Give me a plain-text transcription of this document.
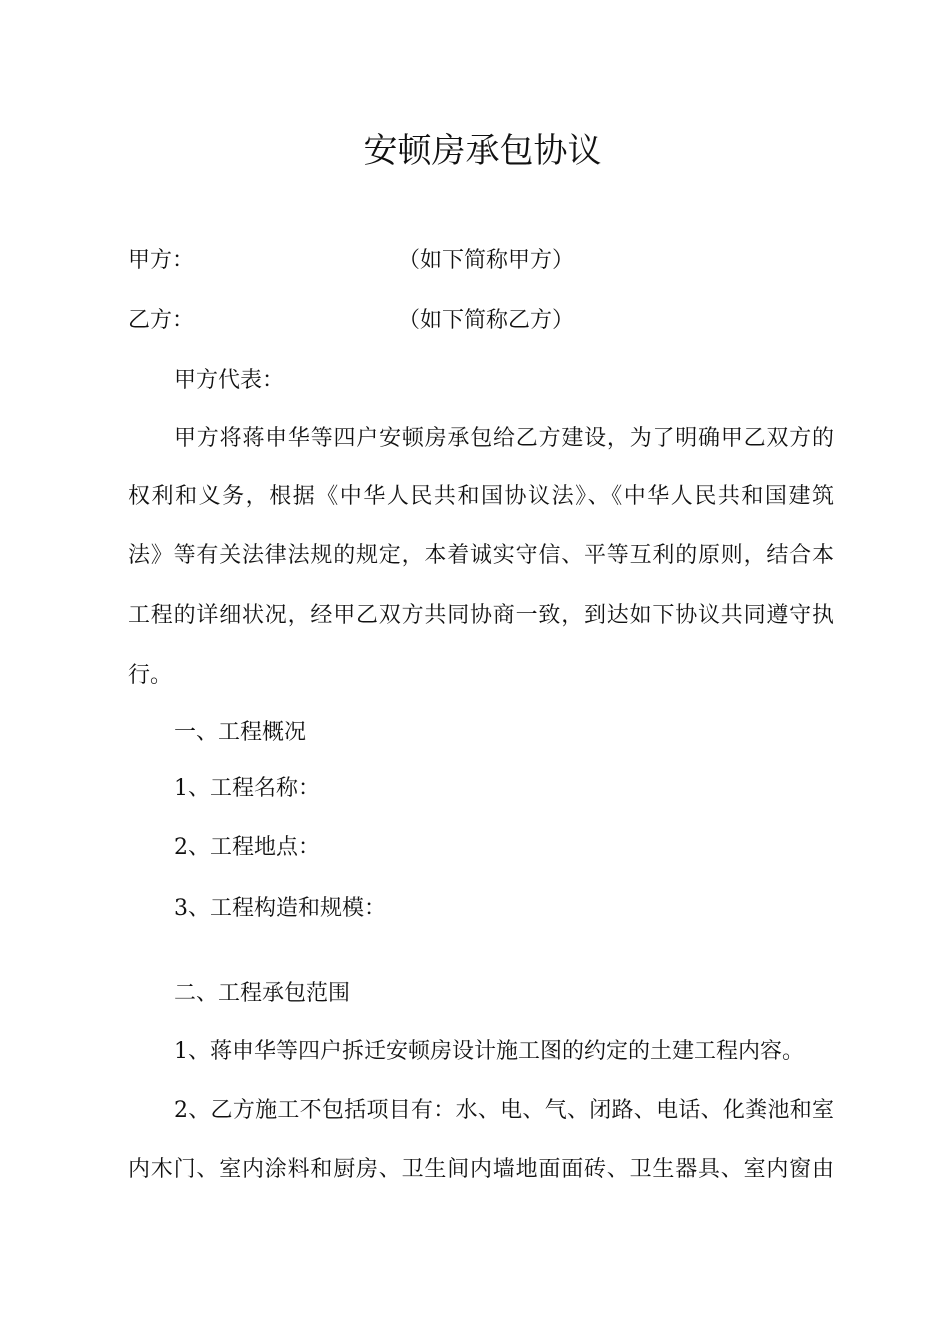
安顿房承包协议
甲方：	（如下简称甲方）
乙方：	（如下简称乙方）

甲方代表：

甲方将蒋申华等四户安顿房承包给乙方建设，为了明确甲乙双方的

权利和义务，根据《中华人民共和国协议法》、《中华人民共和国建筑

法》等有关法律法规的规定，本着诚实守信、平等互利的原则，结合本

工程的详细状况，经甲乙双方共同协商一致，到达如下协议共同遵守执

行。

一、工程概况

1、工程名称：

2、工程地点：

3、工程构造和规模：

二、工程承包范围

1、蒋申华等四户拆迁安顿房设计施工图的约定的土建工程内容。

2、乙方施工不包括项目有：水、电、气、闭路、电话、化粪池和室

内木门、室内涂料和厨房、卫生间内墙地面面砖、卫生器具、室内窗由
